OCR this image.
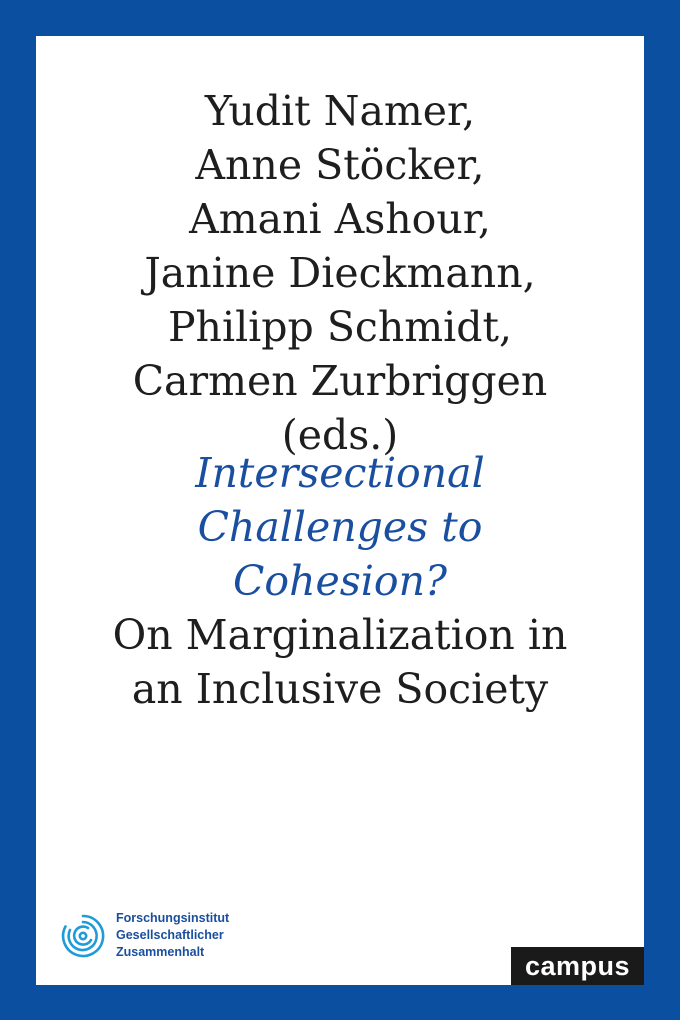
Yudit Namer,
Anne Stöcker,
Amani Ashour,
Janine Dieckmann,
Philipp Schmidt,
Carmen Zurbriggen
(eds.)
Intersectional
Challenges to
Cohesion?
On Marginalization in
an Inclusive Society
Forschungsinstitut
Gesellschaftlicher
Zusammenhalt	campus
